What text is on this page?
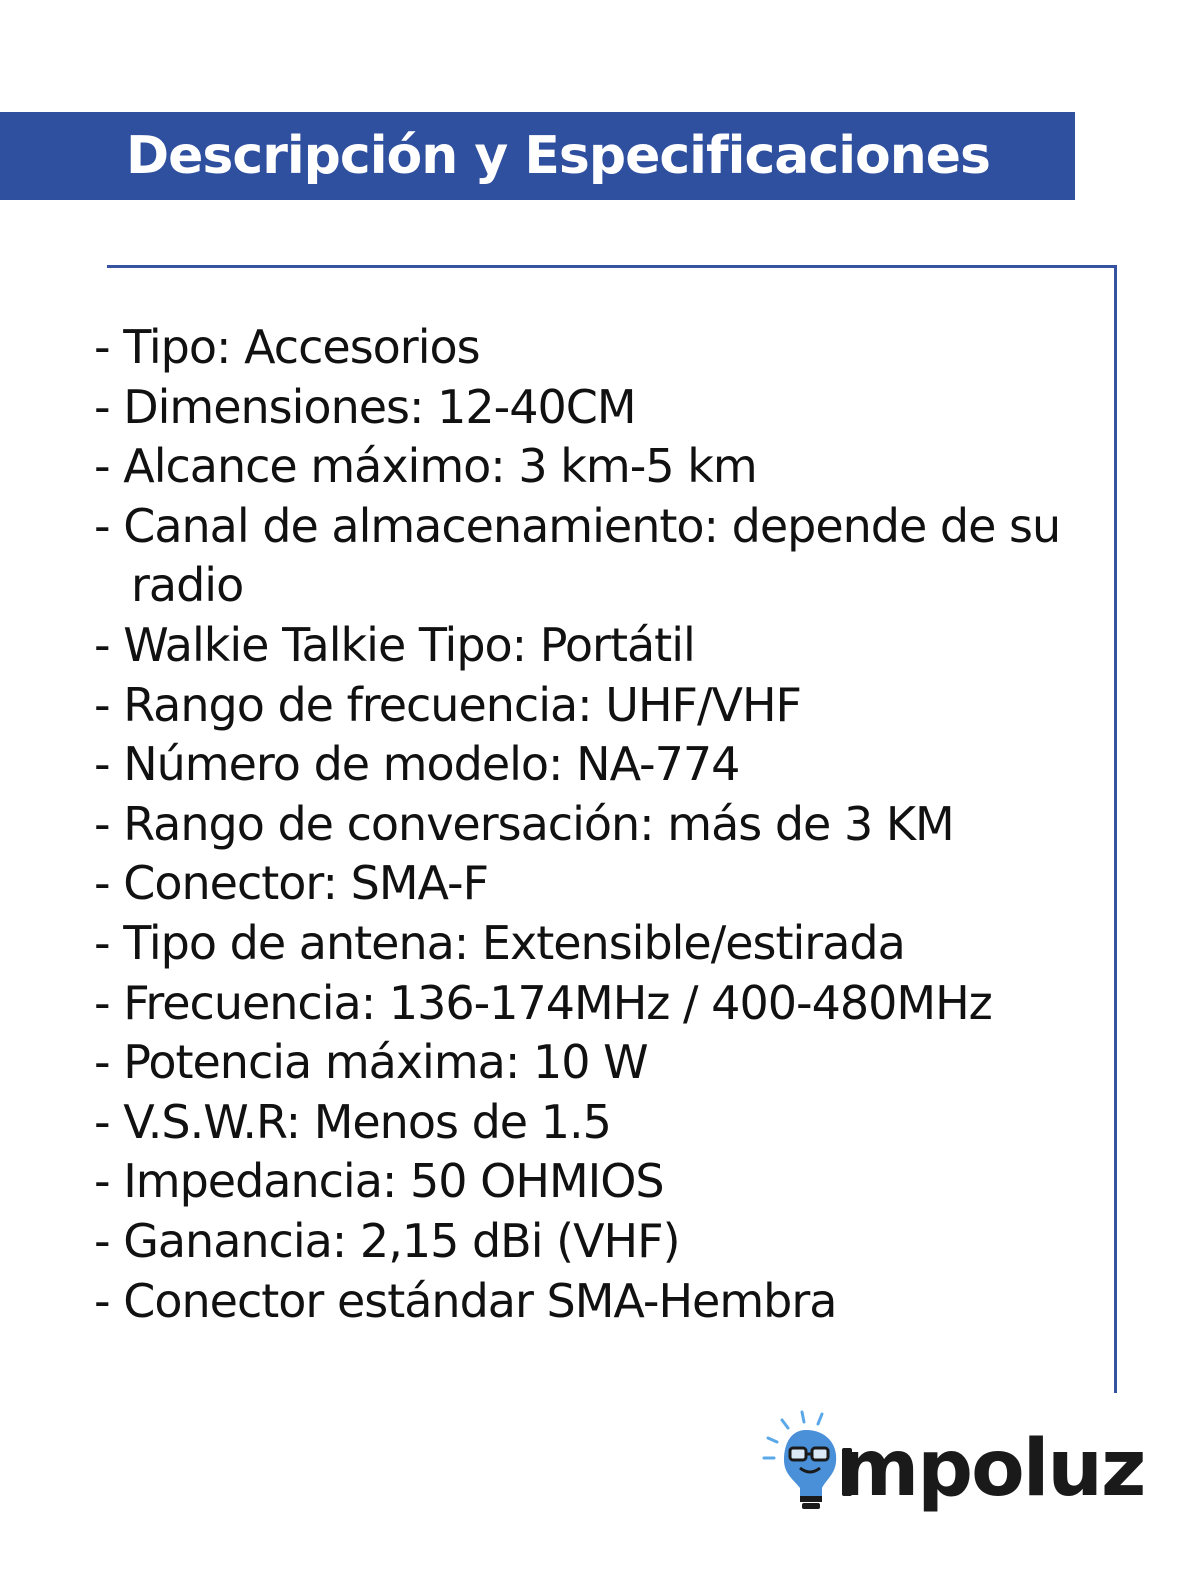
Descripción y Especificaciones
- Tipo: Accesorios
- Dimensiones: 12-40CM
- Alcance máximo: 3 km-5 km
- Canal de almacenamiento: depende de su radio
- Walkie Talkie Tipo: Portátil
- Rango de frecuencia: UHF/VHF
- Número de modelo: NA-774
- Rango de conversación: más de 3 KM
- Conector: SMA-F
- Tipo de antena: Extensible/estirada
- Frecuencia: 136-174MHz / 400-480MHz
- Potencia máxima: 10 W
- V.S.W.R: Menos de 1.5
- Impedancia: 50 OHMIOS
- Ganancia: 2,15 dBi (VHF)
- Conector estándar SMA-Hembra
mpoluz
